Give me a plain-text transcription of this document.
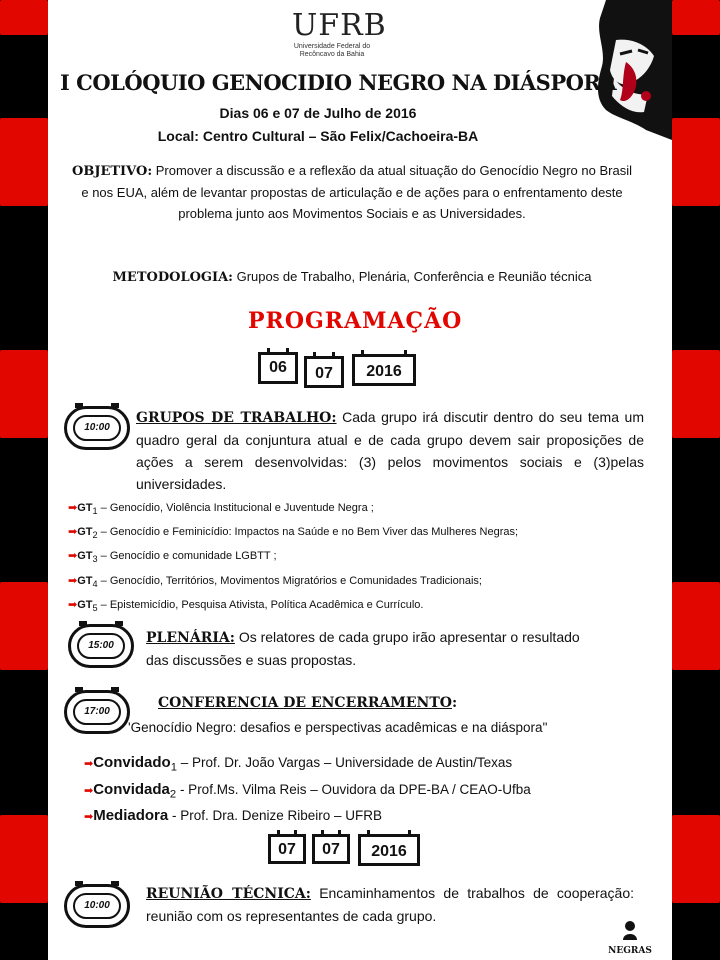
UFRB
Universidade Federal do
Recôncavo da Bahia
I COLÓQUIO GENOCIDIO NEGRO NA DIÁSPORA
Dias 06 e 07 de Julho de 2016
Local: Centro Cultural – São Felix/Cachoeira-BA
OBJETIVO: Promover a discussão e a reflexão da atual situação do Genocídio Negro no Brasil e nos EUA, além de levantar propostas de articulação e de ações para o enfrentamento deste problema junto aos Movimentos Sociais e as Universidades.
METODOLOGIA: Grupos de Trabalho, Plenária, Conferência e Reunião técnica
PROGRAMAÇÃO
06	07	2016
10:00
GRUPOS DE TRABALHO: Cada grupo irá discutir dentro do seu tema um quadro geral da conjuntura atual e de cada grupo devem sair proposições de ações a serem desenvolvidas: (3) pelos movimentos sociais e (3)pelas universidades.
$➡GT_1$ – Genocídio, Violência Institucional e Juventude Negra ;
$➡GT_2$ – Genocídio e Feminicídio: Impactos na Saúde e no Bem Viver das Mulheres Negras;
$➡GT_3$ – Genocídio e comunidade LGBTT ;
$➡GT_4$ – Genocídio, Territórios, Movimentos Migratórios e Comunidades Tradicionais;
$➡GT_5$ – Epistemicídio, Pesquisa Ativista, Política Acadêmica e Currículo.
15:00	PLENÁRIA: Os relatores de cada grupo irão apresentar o resultado das discussões e suas propostas.
17:00
CONFERENCIA DE ENCERRAMENTO:
'Genocídio Negro: desafios e perspectivas acadêmicas e na diáspora"
➡Convidado$_1$ – Prof. Dr. João Vargas – Universidade de Austin/Texas
➡Convidada$_2$ - Prof.Ms. Vilma Reis – Ouvidora da DPE-BA / CEAO-Ufba
➡Mediadora - Prof. Dra. Denize Ribeiro – UFRB
07	07	2016
10:00
REUNIÃO TÉCNICA: Encaminhamentos de trabalhos de cooperação: reunião com os representantes de cada grupo.
NEGRAS
